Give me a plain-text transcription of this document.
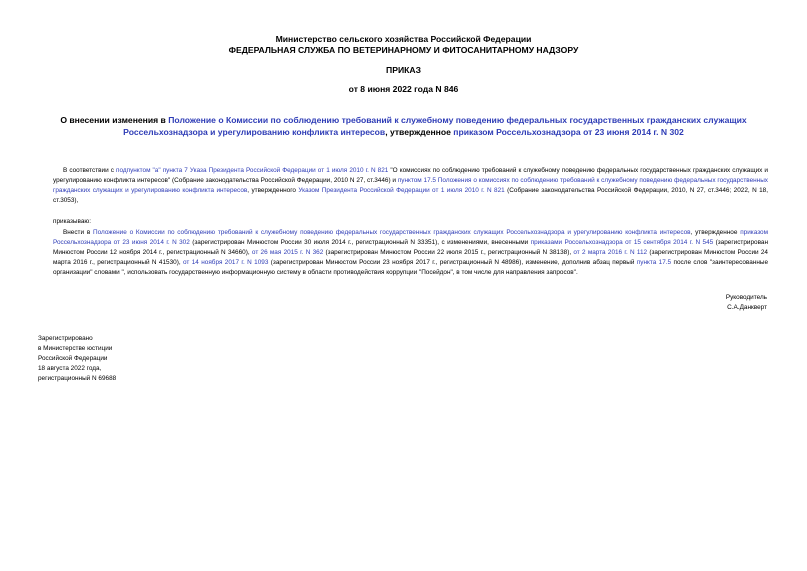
Министерство сельского хозяйства Российской Федерации
ФЕДЕРАЛЬНАЯ СЛУЖБА ПО ВЕТЕРИНАРНОМУ И ФИТОСАНИТАРНОМУ НАДЗОРУ
ПРИКАЗ
от 8 июня 2022 года N 846
О внесении изменения в Положение о Комиссии по соблюдению требований к служебному поведению федеральных государственных гражданских служащих Россельхознадзора и урегулированию конфликта интересов, утвержденное приказом Россельхознадзора от 23 июня 2014 г. N 302
В соответствии с подпунктом "а" пункта 7 Указа Президента Российской Федерации от 1 июля 2010 г. N 821 "О комиссиях по соблюдению требований к служебному поведению федеральных государственных гражданских служащих и урегулированию конфликта интересов" (Собрание законодательства Российской Федерации, 2010 N 27, ст.3446) и пунктом 17.5 Положения о комиссиях по соблюдению требований к служебному поведению федеральных государственных гражданских служащих и урегулированию конфликта интересов, утвержденного Указом Президента Российской Федерации от 1 июля 2010 г. N 821 (Собрание законодательства Российской Федерации, 2010, N 27, ст.3446; 2022, N 18, ст.3053),
приказываю:
Внести в Положение о Комиссии по соблюдению требований к служебному поведению федеральных государственных гражданских служащих Россельхознадзора и урегулированию конфликта интересов, утвержденное приказом Россельхознадзора от 23 июня 2014 г. N 302 (зарегистрирован Минюстом России 30 июля 2014 г., регистрационный N 33351), с изменениями, внесенными приказами Россельхознадзора от 15 сентября 2014 г. N 545 (зарегистрирован Минюстом России 12 ноября 2014 г., регистрационный N 34660), от 26 мая 2015 г. N 362 (зарегистрирован Минюстом России 22 июля 2015 г., регистрационный N 38138), от 2 марта 2016 г. N 112 (зарегистрирован Минюстом России 24 марта 2016 г., регистрационный N 41530), от 14 ноября 2017 г. N 1093 (зарегистрирован Минюстом России 23 ноября 2017 г., регистрационный N 48986), изменение, дополнив абзац первый пункта 17.5 после слов "заинтересованные организации" словами ", использовать государственную информационную систему в области противодействия коррупции "Посейдон", в том числе для направления запросов".
Руководитель
С.А.Данкверт
Зарегистрировано
в Министерстве юстиции
Российской Федерации
18 августа 2022 года,
регистрационный N 69688
